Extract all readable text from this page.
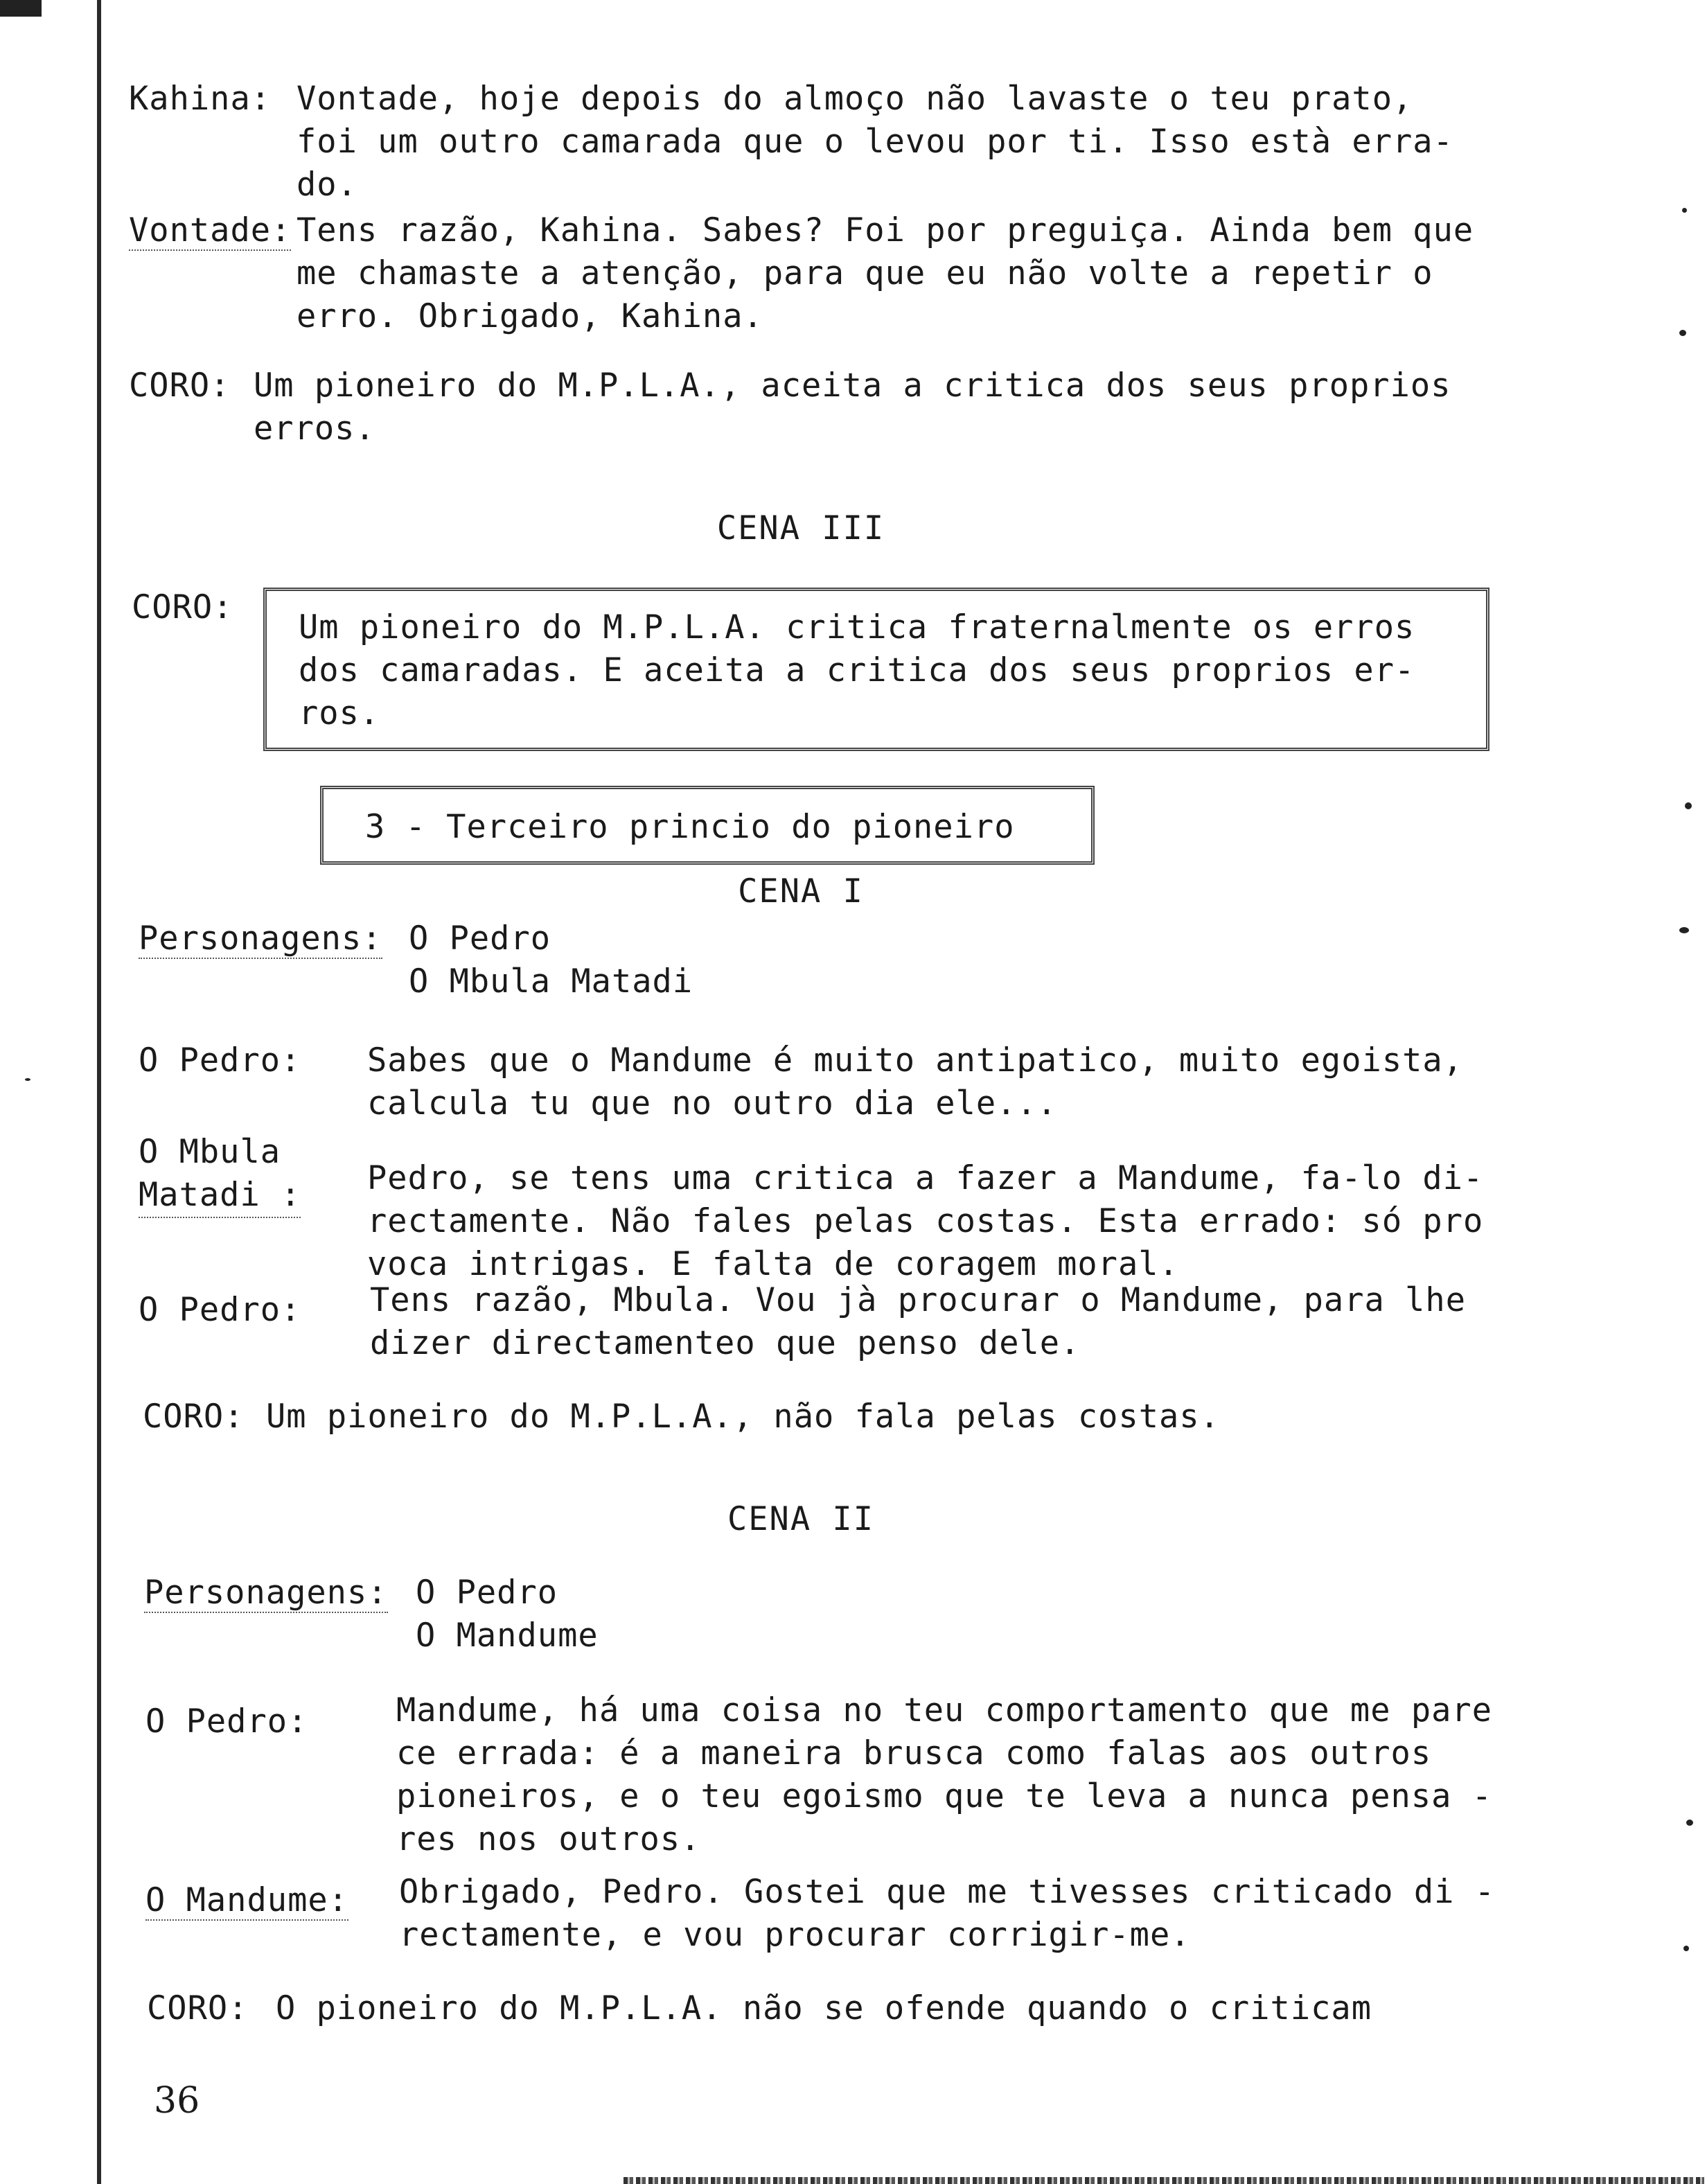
Kahina: Vontade, hoje depois do almoço não lavaste o teu prato,
foi um outro camarada que o levou por ti. Isso està erra-
do.
Vontade: Tens razão, Kahina. Sabes? Foi por preguiça. Ainda bem que
me chamaste a atenção, para que eu não volte a repetir o
erro. Obrigado, Kahina.
CORO: Um pioneiro do M.P.L.A., aceita a critica dos seus proprios
erros.
CENA III
CORO:
Um pioneiro do M.P.L.A. critica fraternalmente os erros
dos camaradas. E aceita a critica dos seus proprios er-
ros.
3 - Terceiro princio do pioneiro
CENA I
Personagens: O Pedro
O Mbula Matadi
O Pedro: Sabes que o Mandume é muito antipatico, muito egoista,
calcula tu que no outro dia ele...
O Mbula
Matadi : Pedro, se tens uma critica a fazer a Mandume, fa-lo di-
rectamente. Não fales pelas costas. Esta errado: só pro
voca intrigas. E falta de coragem moral.
O Pedro: Tens razão, Mbula. Vou jà procurar o Mandume, para lhe
dizer directamenteo que penso dele.
CORO: Um pioneiro do M.P.L.A., não fala pelas costas.
CENA II
Personagens: O Pedro
O Mandume
O Pedro:	Mandume, há uma coisa no teu comportamento que me pare
ce errada: é a maneira brusca como falas aos outros
pioneiros, e o teu egoismo que te leva a nunca pensa -
res nos outros.
O Mandume: Obrigado, Pedro. Gostei que me tivesses criticado di -
rectamente, e vou procurar corrigir-me.
CORO: O pioneiro do M.P.L.A. não se ofende quando o criticam
36
